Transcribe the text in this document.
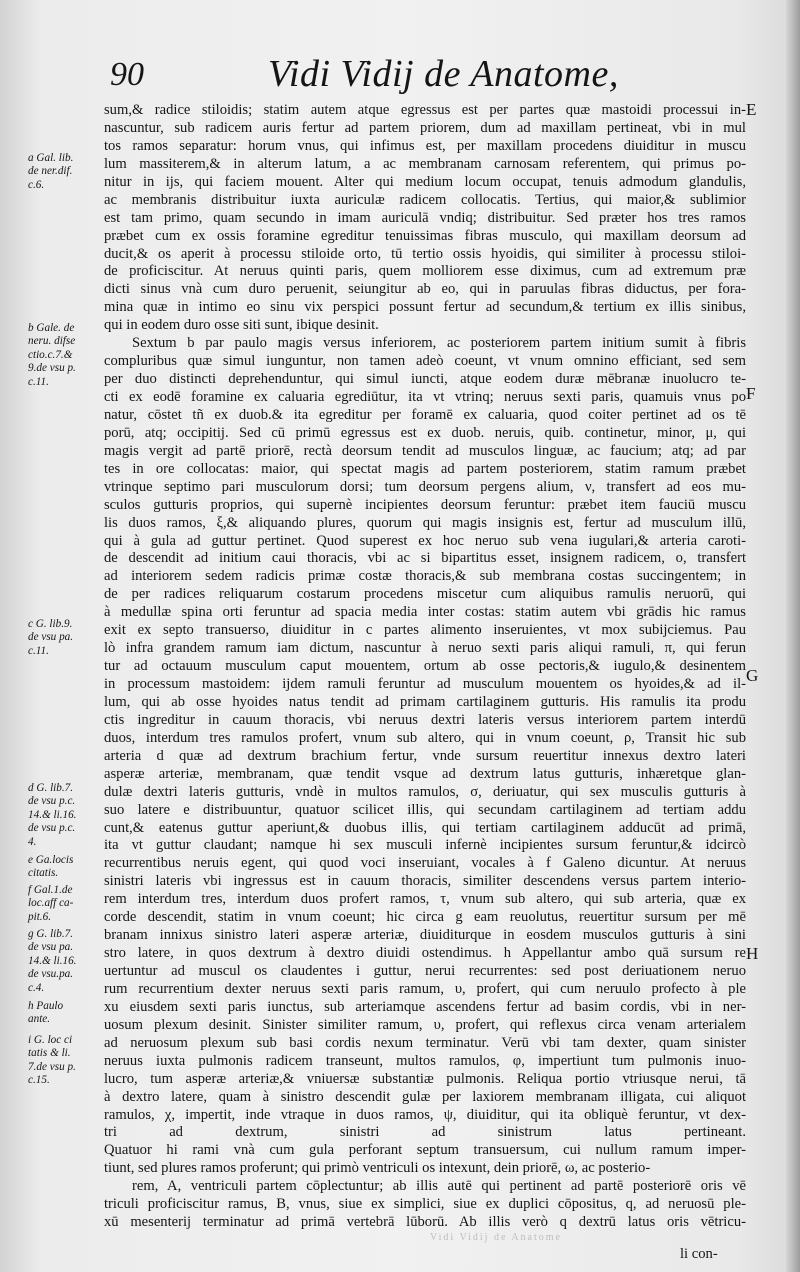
90	Vidi Vidij de Anatome,
a Gal. lib.
de ner.dif.
c.6.
b Gale. de
neru. difse
ctio.c.7.&
9.de vsu p.
c.11.
c G. lib.9.
de vsu pa.
c.11.
d G. lib.7.
de vsu p.c.
14.& li.16.
de vsu p.c.
4.
e Ga.locis
citatis.
f Gal.1.de
loc.aff ca-
pit.6.
g G. lib.7.
de vsu pa.
14.& li.16.
de vsu.pa.
c.4.
h Paulo
ante.
i G. loc ci
tatis & li.
7.de vsu p.
c.15.
sum,& radice stiloidis; statim autem atque egressus est per partes quæ mastoidi processui in-
nascuntur, sub radicem auris fertur ad partem priorem, dum ad maxillam pertineat, vbi in mul
tos ramos separatur: horum vnus, qui infimus est, per maxillam procedens diuiditur in muscu
lum massiterem,& in alterum latum, a ac membranam carnosam referentem, qui primus po-
nitur in ijs, qui faciem mouent. Alter qui medium locum occupat, tenuis admodum glandulis,
ac membranis distribuitur iuxta auriculæ radicem collocatis. Tertius, qui maior,& sublimior
est tam primo, quam secundo in imam auriculā vndiq; distribuitur. Sed præter hos tres ramos
præbet cum ex ossis foramine egreditur tenuissimas fibras musculo, qui maxillam deorsum ad
ducit,& os aperit à processu stiloide orto, tū tertio ossis hyoidis, qui similiter à processu stiloi-
de proficiscitur. At neruus quinti paris, quem molliorem esse diximus, cum ad extremum præ
dicti sinus vnà cum duro peruenit, seiungitur ab eo, qui in paruulas fibras diductus, per fora-
mina quæ in intimo eo sinu vix perspici possunt fertur ad secundum,& tertium ex illis sinibus,
qui in eodem duro osse siti sunt, ibique desinit.
Sextum b par paulo magis versus inferiorem, ac posteriorem partem initium sumit à fibris
compluribus quæ simul iunguntur, non tamen adeò coeunt, vt vnum omnino efficiant, sed sem
per duo distincti deprehenduntur, qui simul iuncti, atque eodem duræ mēbranæ inuolucro te-
cti ex eodē foramine ex caluaria egrediūtur, ita vt vtrinq; neruus sexti paris, quamuis vnus po
natur, cōstet tñ ex duob.& ita egreditur per foramē ex caluaria, quod coiter pertinet ad os tē
porū, atq; occipitij. Sed cū primū egressus est ex duob. neruis, quib. continetur, minor, μ, qui
magis vergit ad partē priorē, rectà deorsum tendit ad musculos linguæ, ac faucium; atq; ad par
tes in ore collocatas: maior, qui spectat magis ad partem posteriorem, statim ramum præbet
vtrinque septimo pari musculorum dorsi; tum deorsum pergens alium, ν, transfert ad eos mu-
sculos gutturis proprios, qui supernè incipientes deorsum feruntur: præbet item fauciū muscu
lis duos ramos, ξ,& aliquando plures, quorum qui magis insignis est, fertur ad musculum illū,
qui à gula ad guttur pertinet. Quod superest ex hoc neruo sub vena iugulari,& arteria caroti-
de descendit ad initium caui thoracis, vbi ac si bipartitus esset, insignem radicem, o, transfert
ad interiorem sedem radicis primæ costæ thoracis,& sub membrana costas succingentem; in
de per radices reliquarum costarum procedens miscetur cum aliquibus ramulis neruorū, qui
à medullæ spina orti feruntur ad spacia media inter costas: statim autem vbi grādis hic ramus
exit ex septo transuerso, diuiditur in c partes alimento inseruientes, vt mox subijciemus. Pau
lò infra grandem ramum iam dictum, nascuntur à neruo sexti paris aliqui ramuli, π, qui ferun
tur ad octauum musculum caput mouentem, ortum ab osse pectoris,& iugulo,& desinentem
in processum mastoidem: ijdem ramuli feruntur ad musculum mouentem os hyoides,& ad il-
lum, qui ab osse hyoides natus tendit ad primam cartilaginem gutturis. His ramulis ita produ
ctis ingreditur in cauum thoracis, vbi neruus dextri lateris versus interiorem partem interdū
duos, interdum tres ramulos profert, vnum sub altero, qui in vnum coeunt, ρ, Transit hic sub
arteria d quæ ad dextrum brachium fertur, vnde sursum reuertitur innexus dextro lateri
asperæ arteriæ, membranam, quæ tendit vsque ad dextrum latus gutturis, inhæretque glan-
dulæ dextri lateris gutturis, vndè in multos ramulos, σ, deriuatur, qui sex musculis gutturis à
suo latere e distribuuntur, quatuor scilicet illis, qui secundam cartilaginem ad tertiam addu
cunt,& eatenus guttur aperiunt,& duobus illis, qui tertiam cartilaginem adducūt ad primā,
ita vt guttur claudant; namque hi sex musculi infernè incipientes sursum feruntur,& idcircò
recurrentibus neruis egent, qui quod voci inseruiant, vocales à f Galeno dicuntur. At neruus
sinistri lateris vbi ingressus est in cauum thoracis, similiter descendens versus partem interio-
rem interdum tres, interdum duos profert ramos, τ, vnum sub altero, qui sub arteria, quæ ex
corde descendit, statim in vnum coeunt; hic circa g eam reuolutus, reuertitur sursum per mē
branam innixus sinistro lateri asperæ arteriæ, diuiditurque in eosdem musculos gutturis à sini
stro latere, in quos dextrum à dextro diuidi ostendimus. h Appellantur ambo quā sursum re
uertuntur ad muscul os claudentes i guttur, nerui recurrentes: sed post deriuationem neruo
rum recurrentium dexter neruus sexti paris ramum, υ, profert, qui cum neruulo profecto à ple
xu eiusdem sexti paris iunctus, sub arteriamque ascendens fertur ad basim cordis, vbi in ner-
uosum plexum desinit. Sinister similiter ramum, υ, profert, qui reflexus circa venam arterialem
ad neruosum plexum sub basi cordis nexum terminatur. Verū vbi tam dexter, quam sinister
neruus iuxta pulmonis radicem transeunt, multos ramulos, φ, impertiunt tum pulmonis inuo-
lucro, tum asperæ arteriæ,& vniuersæ substantiæ pulmonis. Reliqua portio vtriusque nerui, tā
à dextro latere, quam à sinistro descendit gulæ per laxiorem membranam illigata, cui aliquot
ramulos, χ, impertit, inde vtraque in duos ramos, ψ, diuiditur, qui ita obliquè feruntur, vt dex-
tri ad dextrum, sinistri ad sinistrum latus pertineant.
Quatuor hi rami vnà cum gula perforant septum transuersum, cui nullum ramum imper-
tiunt, sed plures ramos proferunt; qui primò ventriculi os intexunt, dein priorē, ω, ac posterio-
rem, A, ventriculi partem cōplectuntur; ab illis autē qui pertinent ad partē posteriorē oris vē
triculi proficiscitur ramus, B, vnus, siue ex simplici, siue ex duplici cōpositus, q, ad neruosū ple-
xū mesenterij terminatur ad primā vertebrā lūborū. Ab illis verò q dextrū latus oris vētricu-
E
F
G
H
Vidi Vidij de Anatome
li con-
